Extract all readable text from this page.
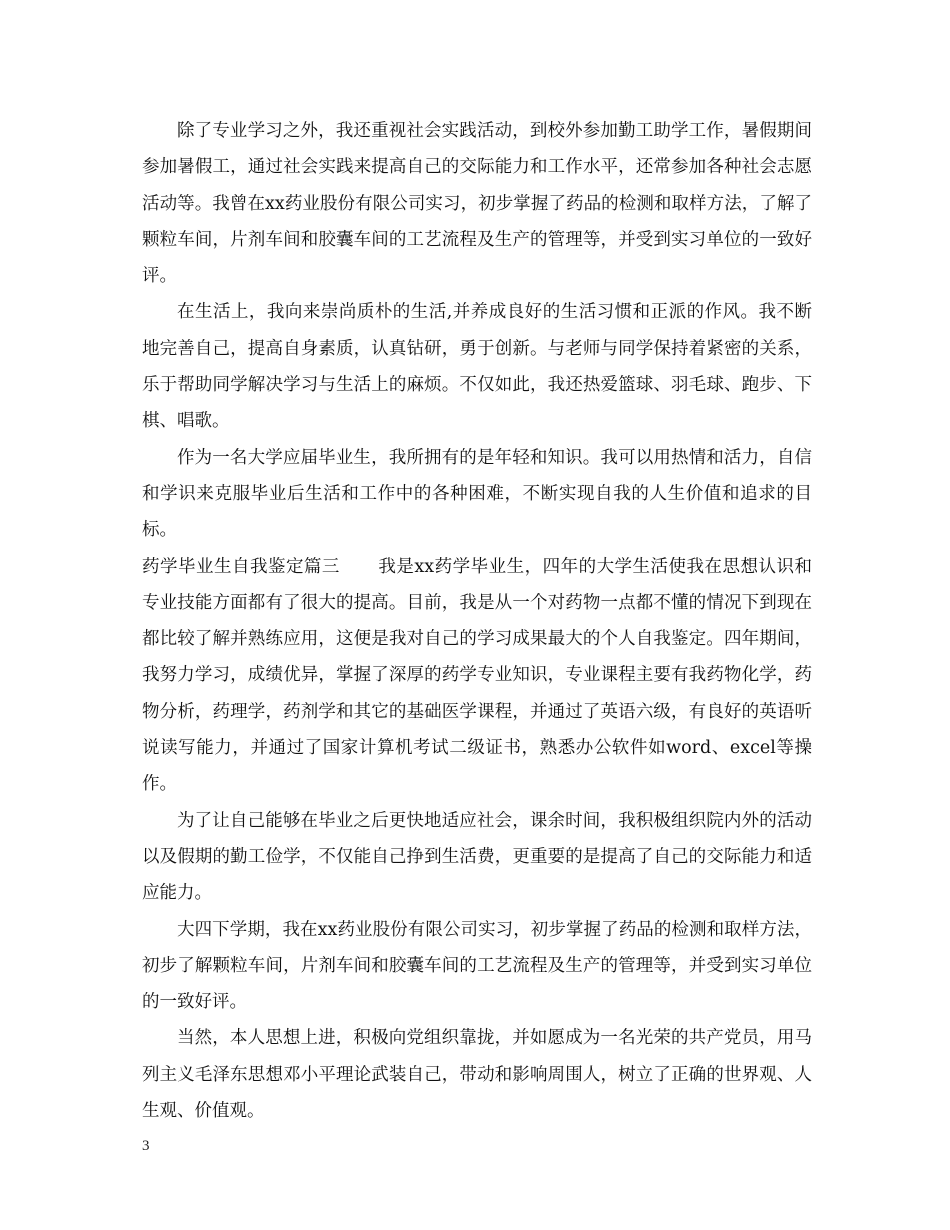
除了专业学习之外，我还重视社会实践活动，到校外参加勤工助学工作，暑假期间参加暑假工，通过社会实践来提高自己的交际能力和工作水平，还常参加各种社会志愿活动等。我曾在xx药业股份有限公司实习，初步掌握了药品的检测和取样方法，了解了颗粒车间，片剂车间和胶囊车间的工艺流程及生产的管理等，并受到实习单位的一致好评。

在生活上，我向来崇尚质朴的生活,并养成良好的生活习惯和正派的作风。我不断地完善自己，提高自身素质，认真钻研，勇于创新。与老师与同学保持着紧密的关系，乐于帮助同学解决学习与生活上的麻烦。不仅如此，我还热爱篮球、羽毛球、跑步、下棋、唱歌。

作为一名大学应届毕业生，我所拥有的是年轻和知识。我可以用热情和活力，自信和学识来克服毕业后生活和工作中的各种困难，不断实现自我的人生价值和追求的目标。

药学毕业生自我鉴定篇三 我是xx药学毕业生，四年的大学生活使我在思想认识和专业技能方面都有了很大的提高。目前，我是从一个对药物一点都不懂的情况下到现在都比较了解并熟练应用，这便是我对自己的学习成果最大的个人自我鉴定。四年期间，我努力学习，成绩优异，掌握了深厚的药学专业知识，专业课程主要有我药物化学，药物分析，药理学，药剂学和其它的基础医学课程，并通过了英语六级，有良好的英语听说读写能力，并通过了国家计算机考试二级证书，熟悉办公软件如word、excel等操作。

为了让自己能够在毕业之后更快地适应社会，课余时间，我积极组织院内外的活动以及假期的勤工俭学，不仅能自己挣到生活费，更重要的是提高了自己的交际能力和适应能力。

大四下学期，我在xx药业股份有限公司实习，初步掌握了药品的检测和取样方法，初步了解颗粒车间，片剂车间和胶囊车间的工艺流程及生产的管理等，并受到实习单位的一致好评。

当然，本人思想上进，积极向党组织靠拢，并如愿成为一名光荣的共产党员，用马列主义毛泽东思想邓小平理论武装自己，带动和影响周围人，树立了正确的世界观、人生观、价值观。

3
